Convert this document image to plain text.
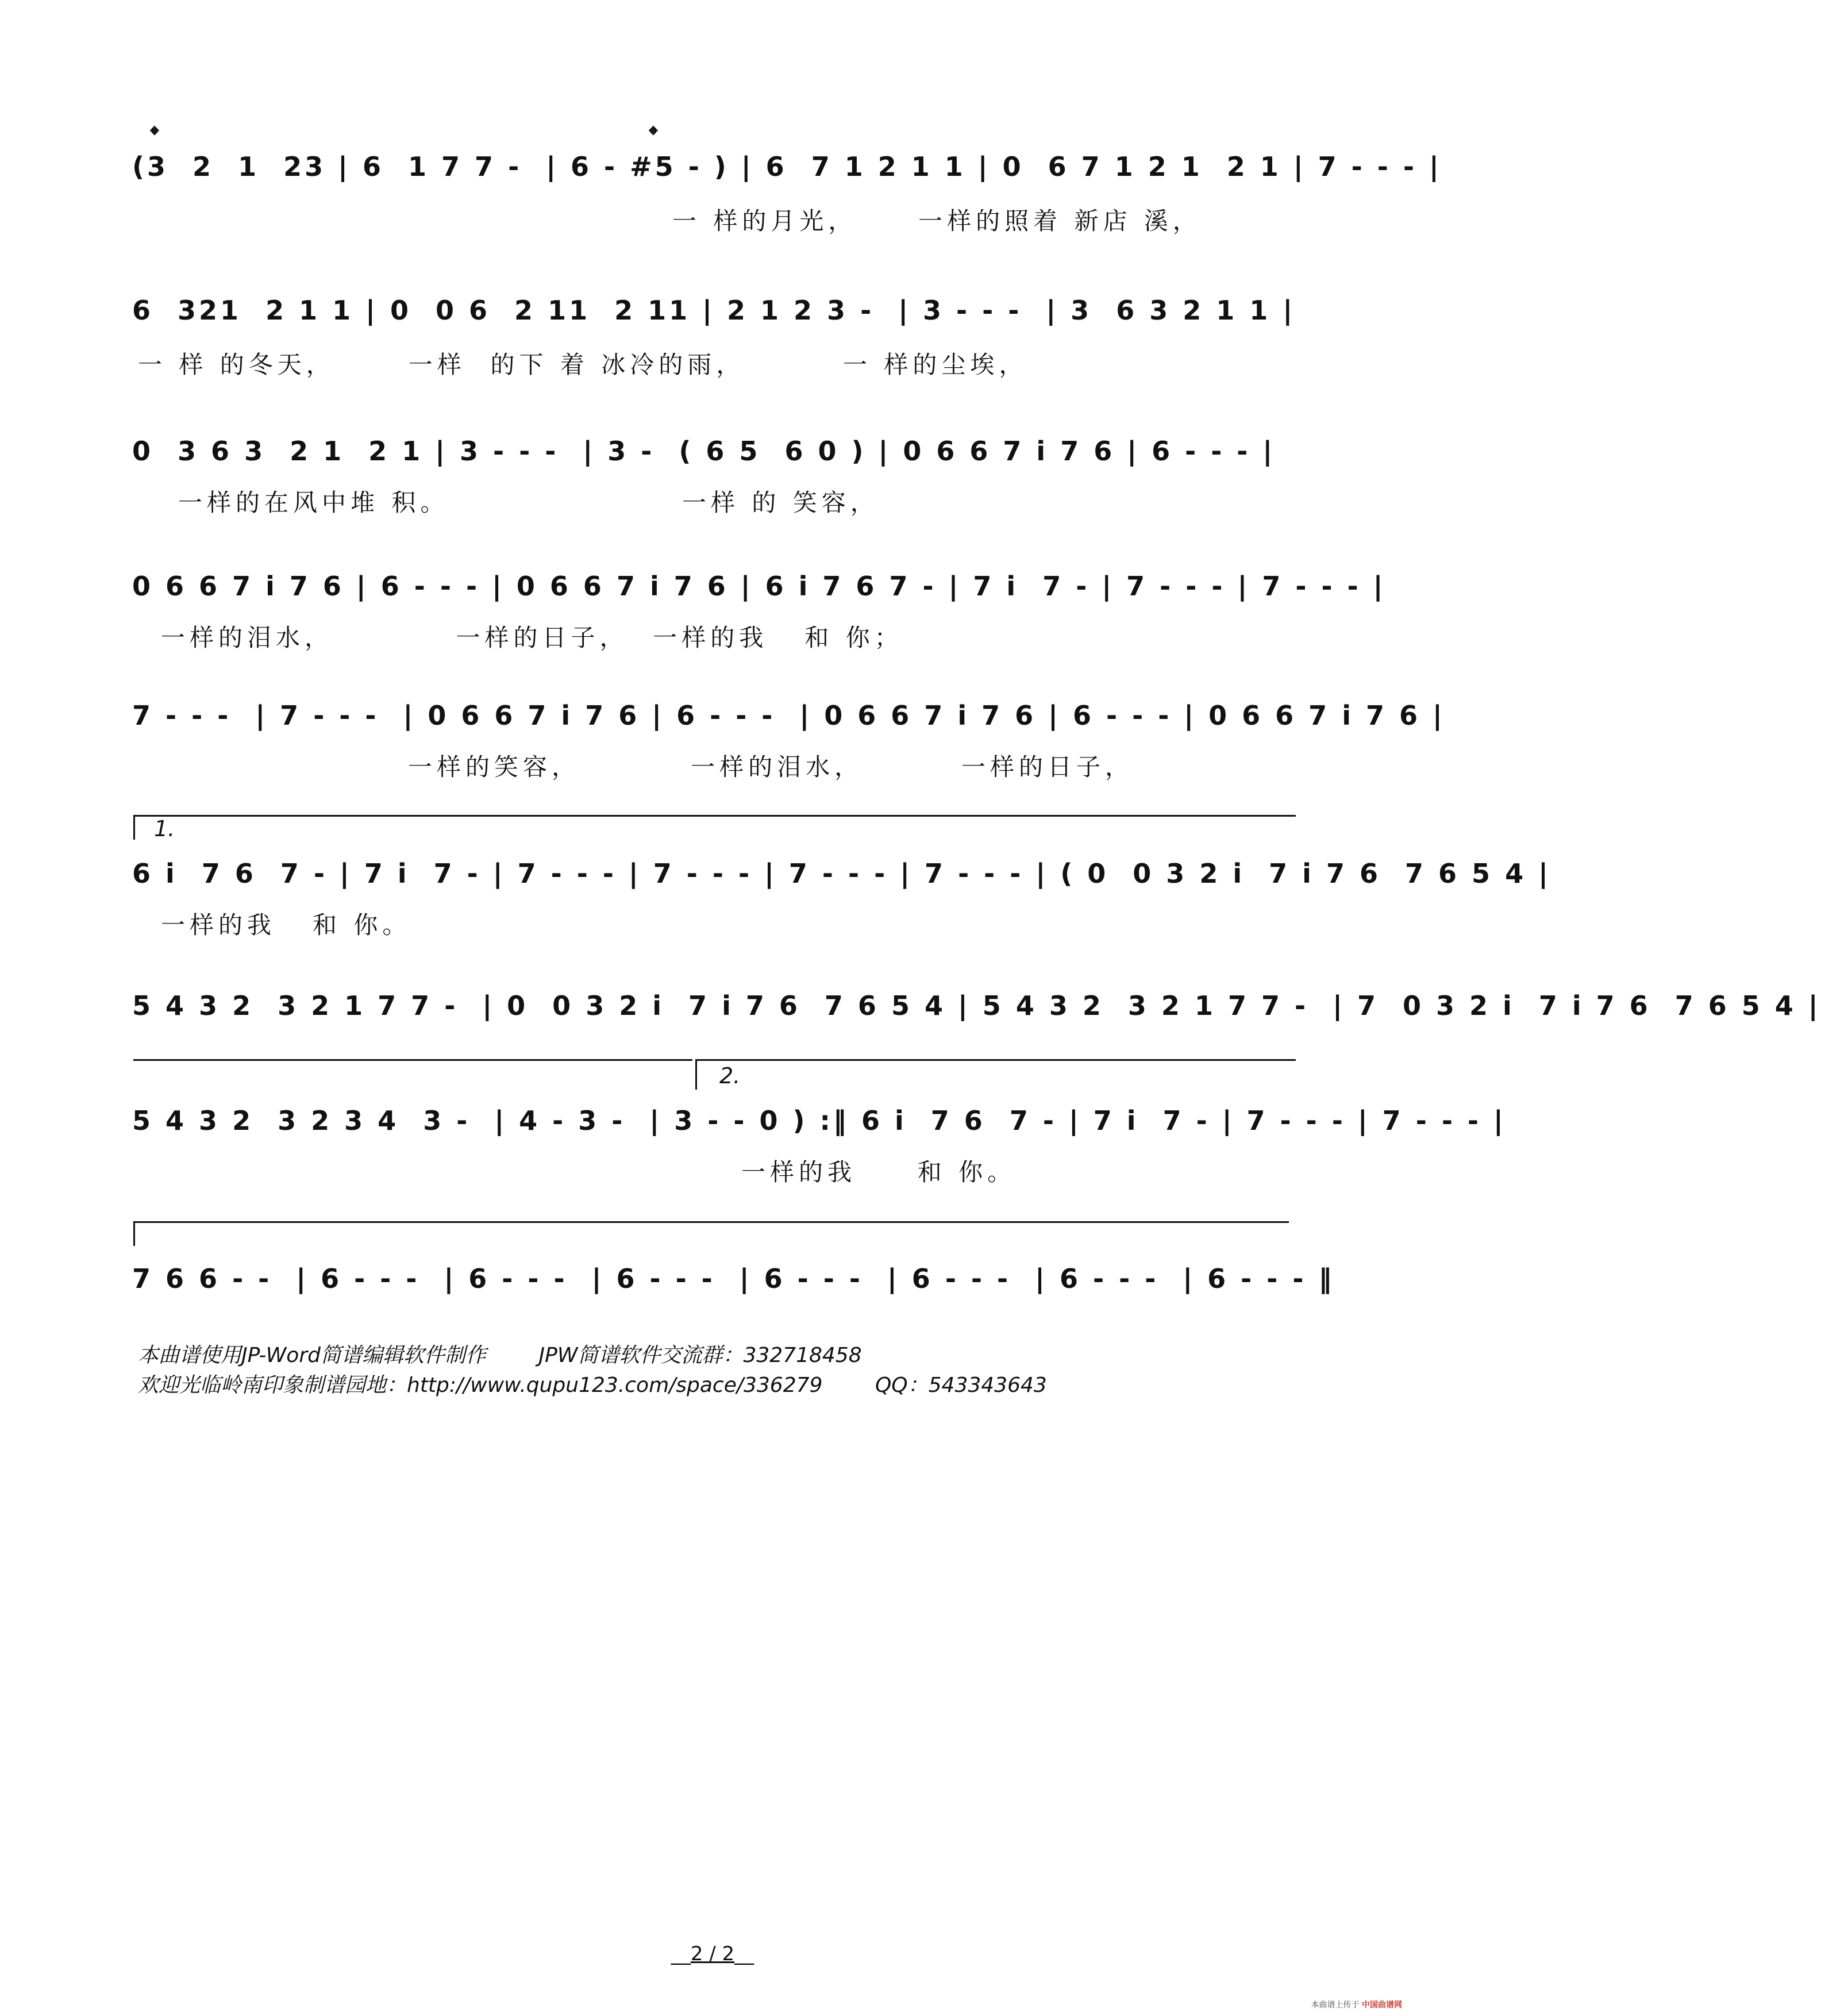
𝄌	𝄌
(3  2  1  23 | 6  1 7 7 -  | 6 - #5 - ) | 6  7 1 2 1 1 | 0  6 7 1 2 1  2 1 | 7 - - - |
一 样的月光，     一样的照着 新店 溪，
6  321  2 1 1 | 0  0 6  2 11  2 11 | 2 1 2 3 -  | 3 - - -  | 3  6 3 2 1 1 |
一 样 的冬天，      一样  的下 着 冰冷的雨，        一 样的尘埃，
0  3 6 3  2 1  2 1 | 3 - - -  | 3 -  ( 6 5  6 0 ) | 0 6 6 7 i 7 6 | 6 - - - |
一样的在风中堆 积。                   一样 的 笑容，
0 6 6 7 i 7 6 | 6 - - - | 0 6 6 7 i 7 6 | 6 i 7 6 7 - | 7 i  7 - | 7 - - - | 7 - - - |
一样的泪水，          一样的日子，  一样的我   和 你；
7 - - -  | 7 - - -  | 0 6 6 7 i 7 6 | 6 - - -  | 0 6 6 7 i 7 6 | 6 - - - | 0 6 6 7 i 7 6 |
一样的笑容，         一样的泪水，        一样的日子，
1.
6 i  7 6  7 - | 7 i  7 - | 7 - - - | 7 - - - | 7 - - - | 7 - - - | ( 0  0 3 2 i  7 i 7 6  7 6 5 4 |
一样的我   和 你。
5 4 3 2  3 2 1 7 7 -  | 0  0 3 2 i  7 i 7 6  7 6 5 4 | 5 4 3 2  3 2 1 7 7 -  | 7  0 3 2 i  7 i 7 6  7 6 5 4 |
2.
5 4 3 2  3 2 3 4  3 -  | 4 - 3 -  | 3 - - 0 ) :‖ 6 i  7 6  7 - | 7 i  7 - | 7 - - - | 7 - - - |
一样的我     和 你。
7 6 6 - -  | 6 - - -  | 6 - - -  | 6 - - -  | 6 - - -  | 6 - - -  | 6 - - -  | 6 - - - ‖
本曲谱使用JP-Word简谱编辑软件制作        JPW简谱软件交流群：332718458
欢迎光临岭南印象制谱园地：http://www.qupu123.com/space/336279        QQ：543343643
__2 / 2__
本曲谱上传于 中国曲谱网
